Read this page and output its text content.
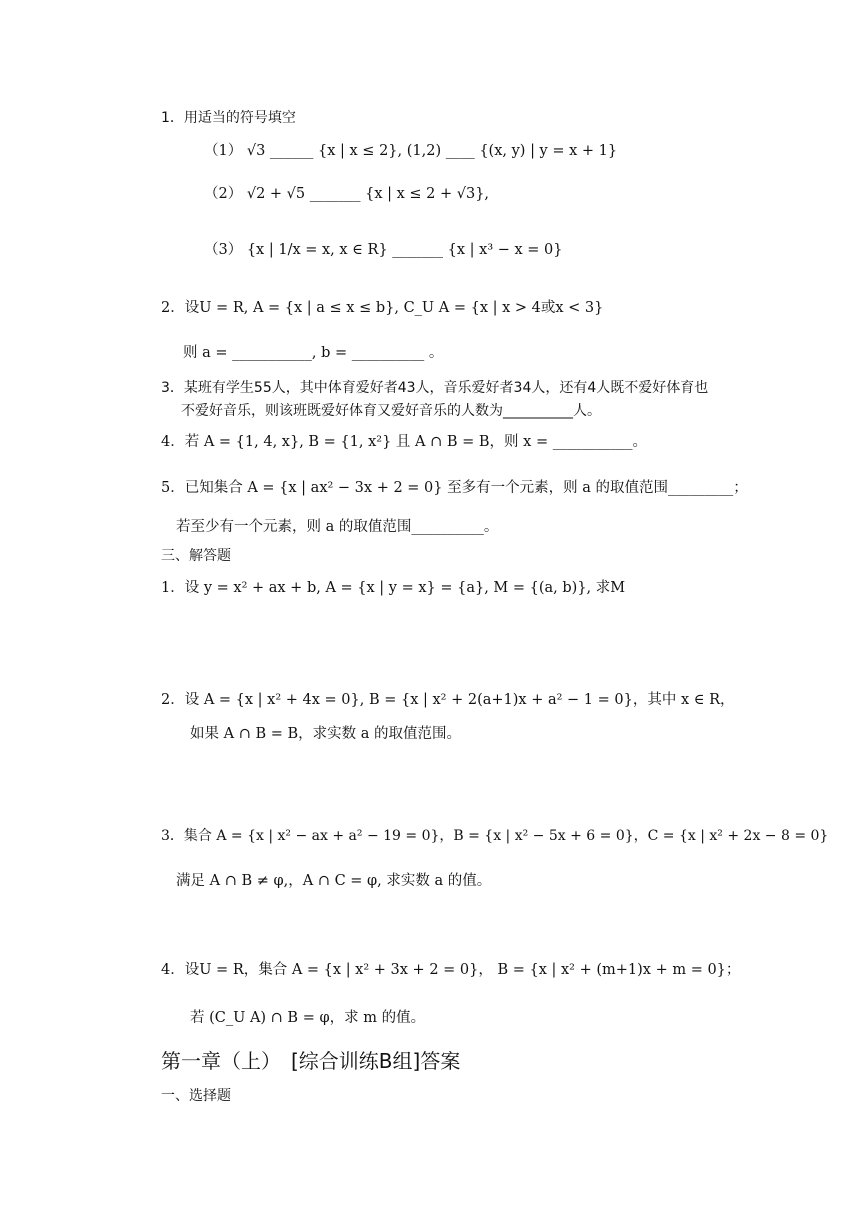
1．用适当的符号填空
（1） √3 ______ {x | x ≤ 2}, (1,2) ____ {(x, y) | y = x + 1}
（2） √2 + √5 _______ {x | x ≤ 2 + √3},
（3） {x | 1/x = x, x ∈ R} _______ {x | x³ − x = 0}
2．设U = R, A = {x | a ≤ x ≤ b}, C_U A = {x | x > 4或x < 3}
则 a = ___________, b = __________ 。
3．某班有学生55人，其中体育爱好者43人，音乐爱好者34人，还有4人既不爱好体育也
不爱好音乐，则该班既爱好体育又爱好音乐的人数为__________人。
4．若 A = {1, 4, x}, B = {1, x²} 且 A ∩ B = B，则 x = ___________。
5．已知集合 A = {x | ax² − 3x + 2 = 0} 至多有一个元素，则 a 的取值范围_________；
若至少有一个元素，则 a 的取值范围__________。
三、解答题
1．设 y = x² + ax + b, A = {x | y = x} = {a}, M = {(a, b)}, 求M
2．设 A = {x | x² + 4x = 0}, B = {x | x² + 2(a+1)x + a² − 1 = 0}，其中 x ∈ R，
如果 A ∩ B = B，求实数 a 的取值范围。
3．集合 A = {x | x² − ax + a² − 19 = 0}，B = {x | x² − 5x + 6 = 0}，C = {x | x² + 2x − 8 = 0}
满足 A ∩ B ≠ φ,，A ∩ C = φ, 求实数 a 的值。
4．设U = R，集合 A = {x | x² + 3x + 2 = 0}， B = {x | x² + (m+1)x + m = 0}；
若 (C_U A) ∩ B = φ，求 m 的值。
第一章（上）　[综合训练B组]答案
一、选择题
